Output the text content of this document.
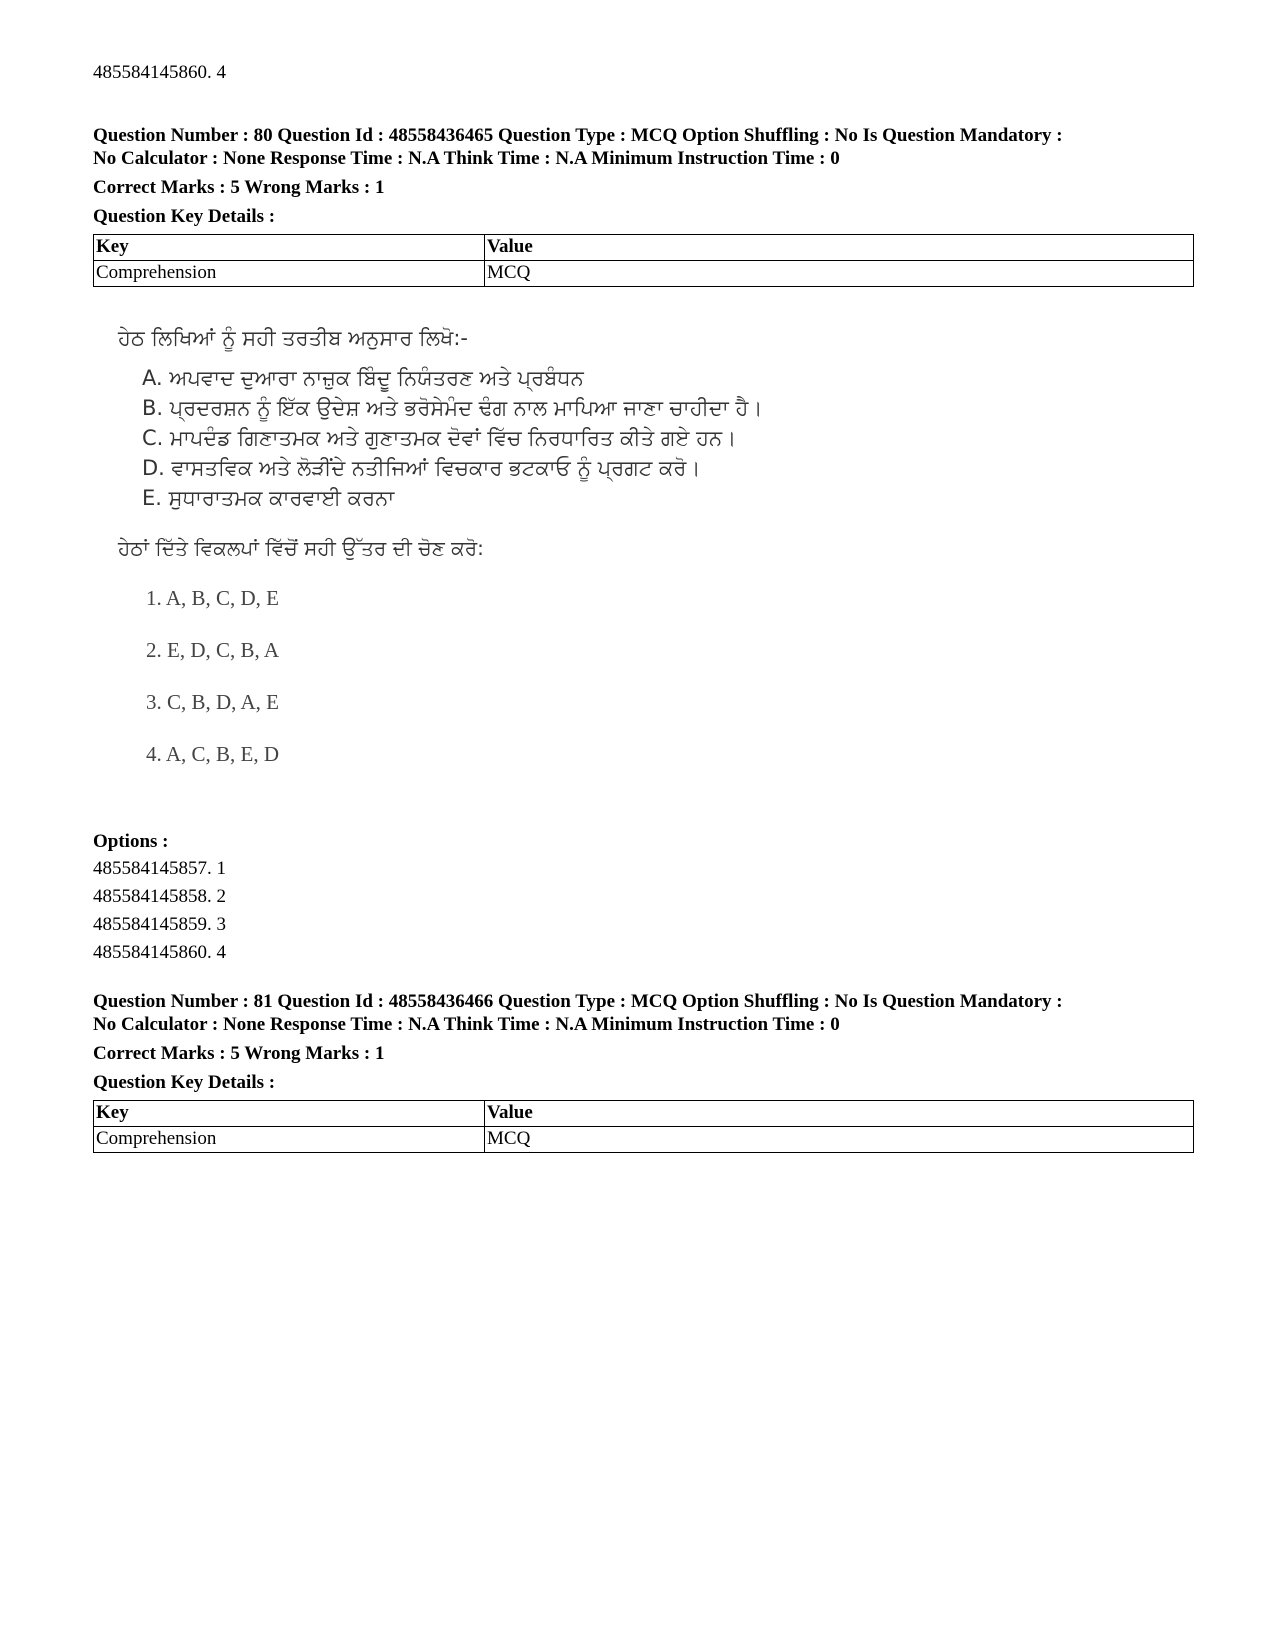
485584145860. 4
Question Number : 80 Question Id : 48558436465 Question Type : MCQ Option Shuffling : No Is Question Mandatory :
No Calculator : None Response Time : N.A Think Time : N.A Minimum Instruction Time : 0
Correct Marks : 5 Wrong Marks : 1
Question Key Details :
Key	Value
Comprehension	MCQ
ਹੇਠ ਲਿਖਿਆਂ ਨੂੰ ਸਹੀ ਤਰਤੀਬ ਅਨੁਸਾਰ ਲਿਖੋ:-
A. ਅਪਵਾਦ ਦੁਆਰਾ ਨਾਜ਼ੁਕ ਬਿੰਦੂ ਨਿਯੰਤਰਣ ਅਤੇ ਪ੍ਰਬੰਧਨ
B. ਪ੍ਰਦਰਸ਼ਨ ਨੂੰ ਇੱਕ ਉਦੇਸ਼ ਅਤੇ ਭਰੋਸੇਮੰਦ ਢੰਗ ਨਾਲ ਮਾਪਿਆ ਜਾਣਾ ਚਾਹੀਦਾ ਹੈ।
C. ਮਾਪਦੰਡ ਗਿਣਾਤਮਕ ਅਤੇ ਗੁਣਾਤਮਕ ਦੋਵਾਂ ਵਿੱਚ ਨਿਰਧਾਰਿਤ ਕੀਤੇ ਗਏ ਹਨ।
D. ਵਾਸਤਵਿਕ ਅਤੇ ਲੋੜੀਂਦੇ ਨਤੀਜਿਆਂ ਵਿਚਕਾਰ ਭਟਕਾਓ ਨੂੰ ਪ੍ਰਗਟ ਕਰੋ।
E. ਸੁਧਾਰਾਤਮਕ ਕਾਰਵਾਈ ਕਰਨਾ
ਹੇਠਾਂ ਦਿੱਤੇ ਵਿਕਲਪਾਂ ਵਿੱਚੋਂ ਸਹੀ ਉੱਤਰ ਦੀ ਚੋਣ ਕਰੋ:
1. A, B, C, D, E
2. E, D, C, B, A
3. C, B, D, A, E
4. A, C, B, E, D
Options :
485584145857. 1
485584145858. 2
485584145859. 3
485584145860. 4
Question Number : 81 Question Id : 48558436466 Question Type : MCQ Option Shuffling : No Is Question Mandatory :
No Calculator : None Response Time : N.A Think Time : N.A Minimum Instruction Time : 0
Correct Marks : 5 Wrong Marks : 1
Question Key Details :
Key	Value
Comprehension	MCQ
